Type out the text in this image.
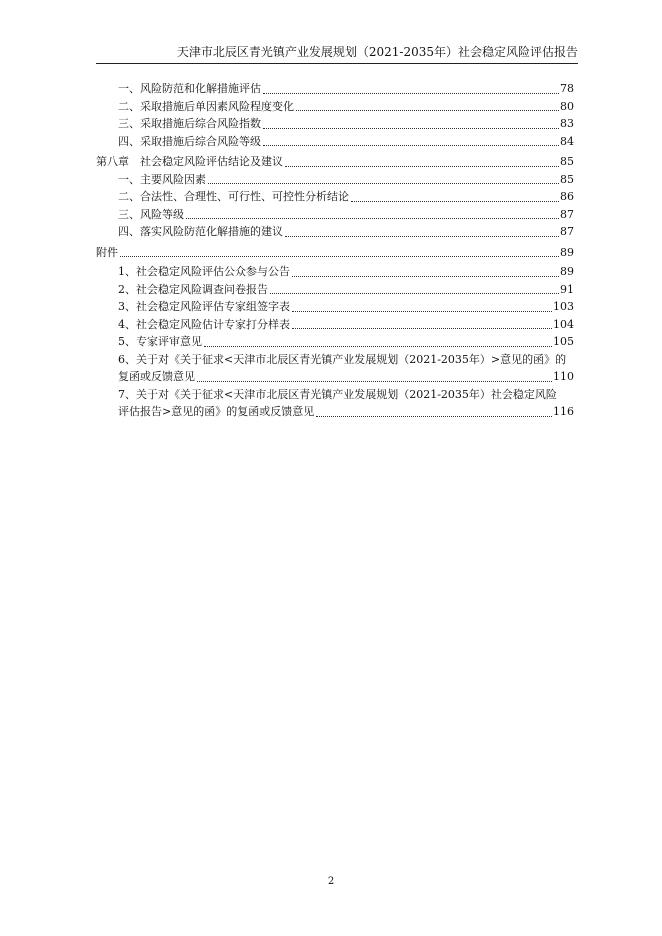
天津市北辰区青光镇产业发展规划（2021-2035年）社会稳定风险评估报告
一、风险防范和化解措施评估	78
二、采取措施后单因素风险程度变化	80
三、采取措施后综合风险指数	83
四、采取措施后综合风险等级	84
第八章　社会稳定风险评估结论及建议	85
一、主要风险因素	85
二、合法性、合理性、可行性、可控性分析结论	86
三、风险等级	87
四、落实风险防范化解措施的建议	87
附件	89
1、社会稳定风险评估公众参与公告	89
2、社会稳定风险调查问卷报告	91
3、社会稳定风险评估专家组签字表	103
4、社会稳定风险估计专家打分样表	104
5、专家评审意见	105
6、关于对《关于征求<天津市北辰区青光镇产业发展规划（2021-2035年）>意见的函》的
复函或反馈意见	110
7、关于对《关于征求<天津市北辰区青光镇产业发展规划（2021-2035年）社会稳定风险
评估报告>意见的函》的复函或反馈意见	116
2
